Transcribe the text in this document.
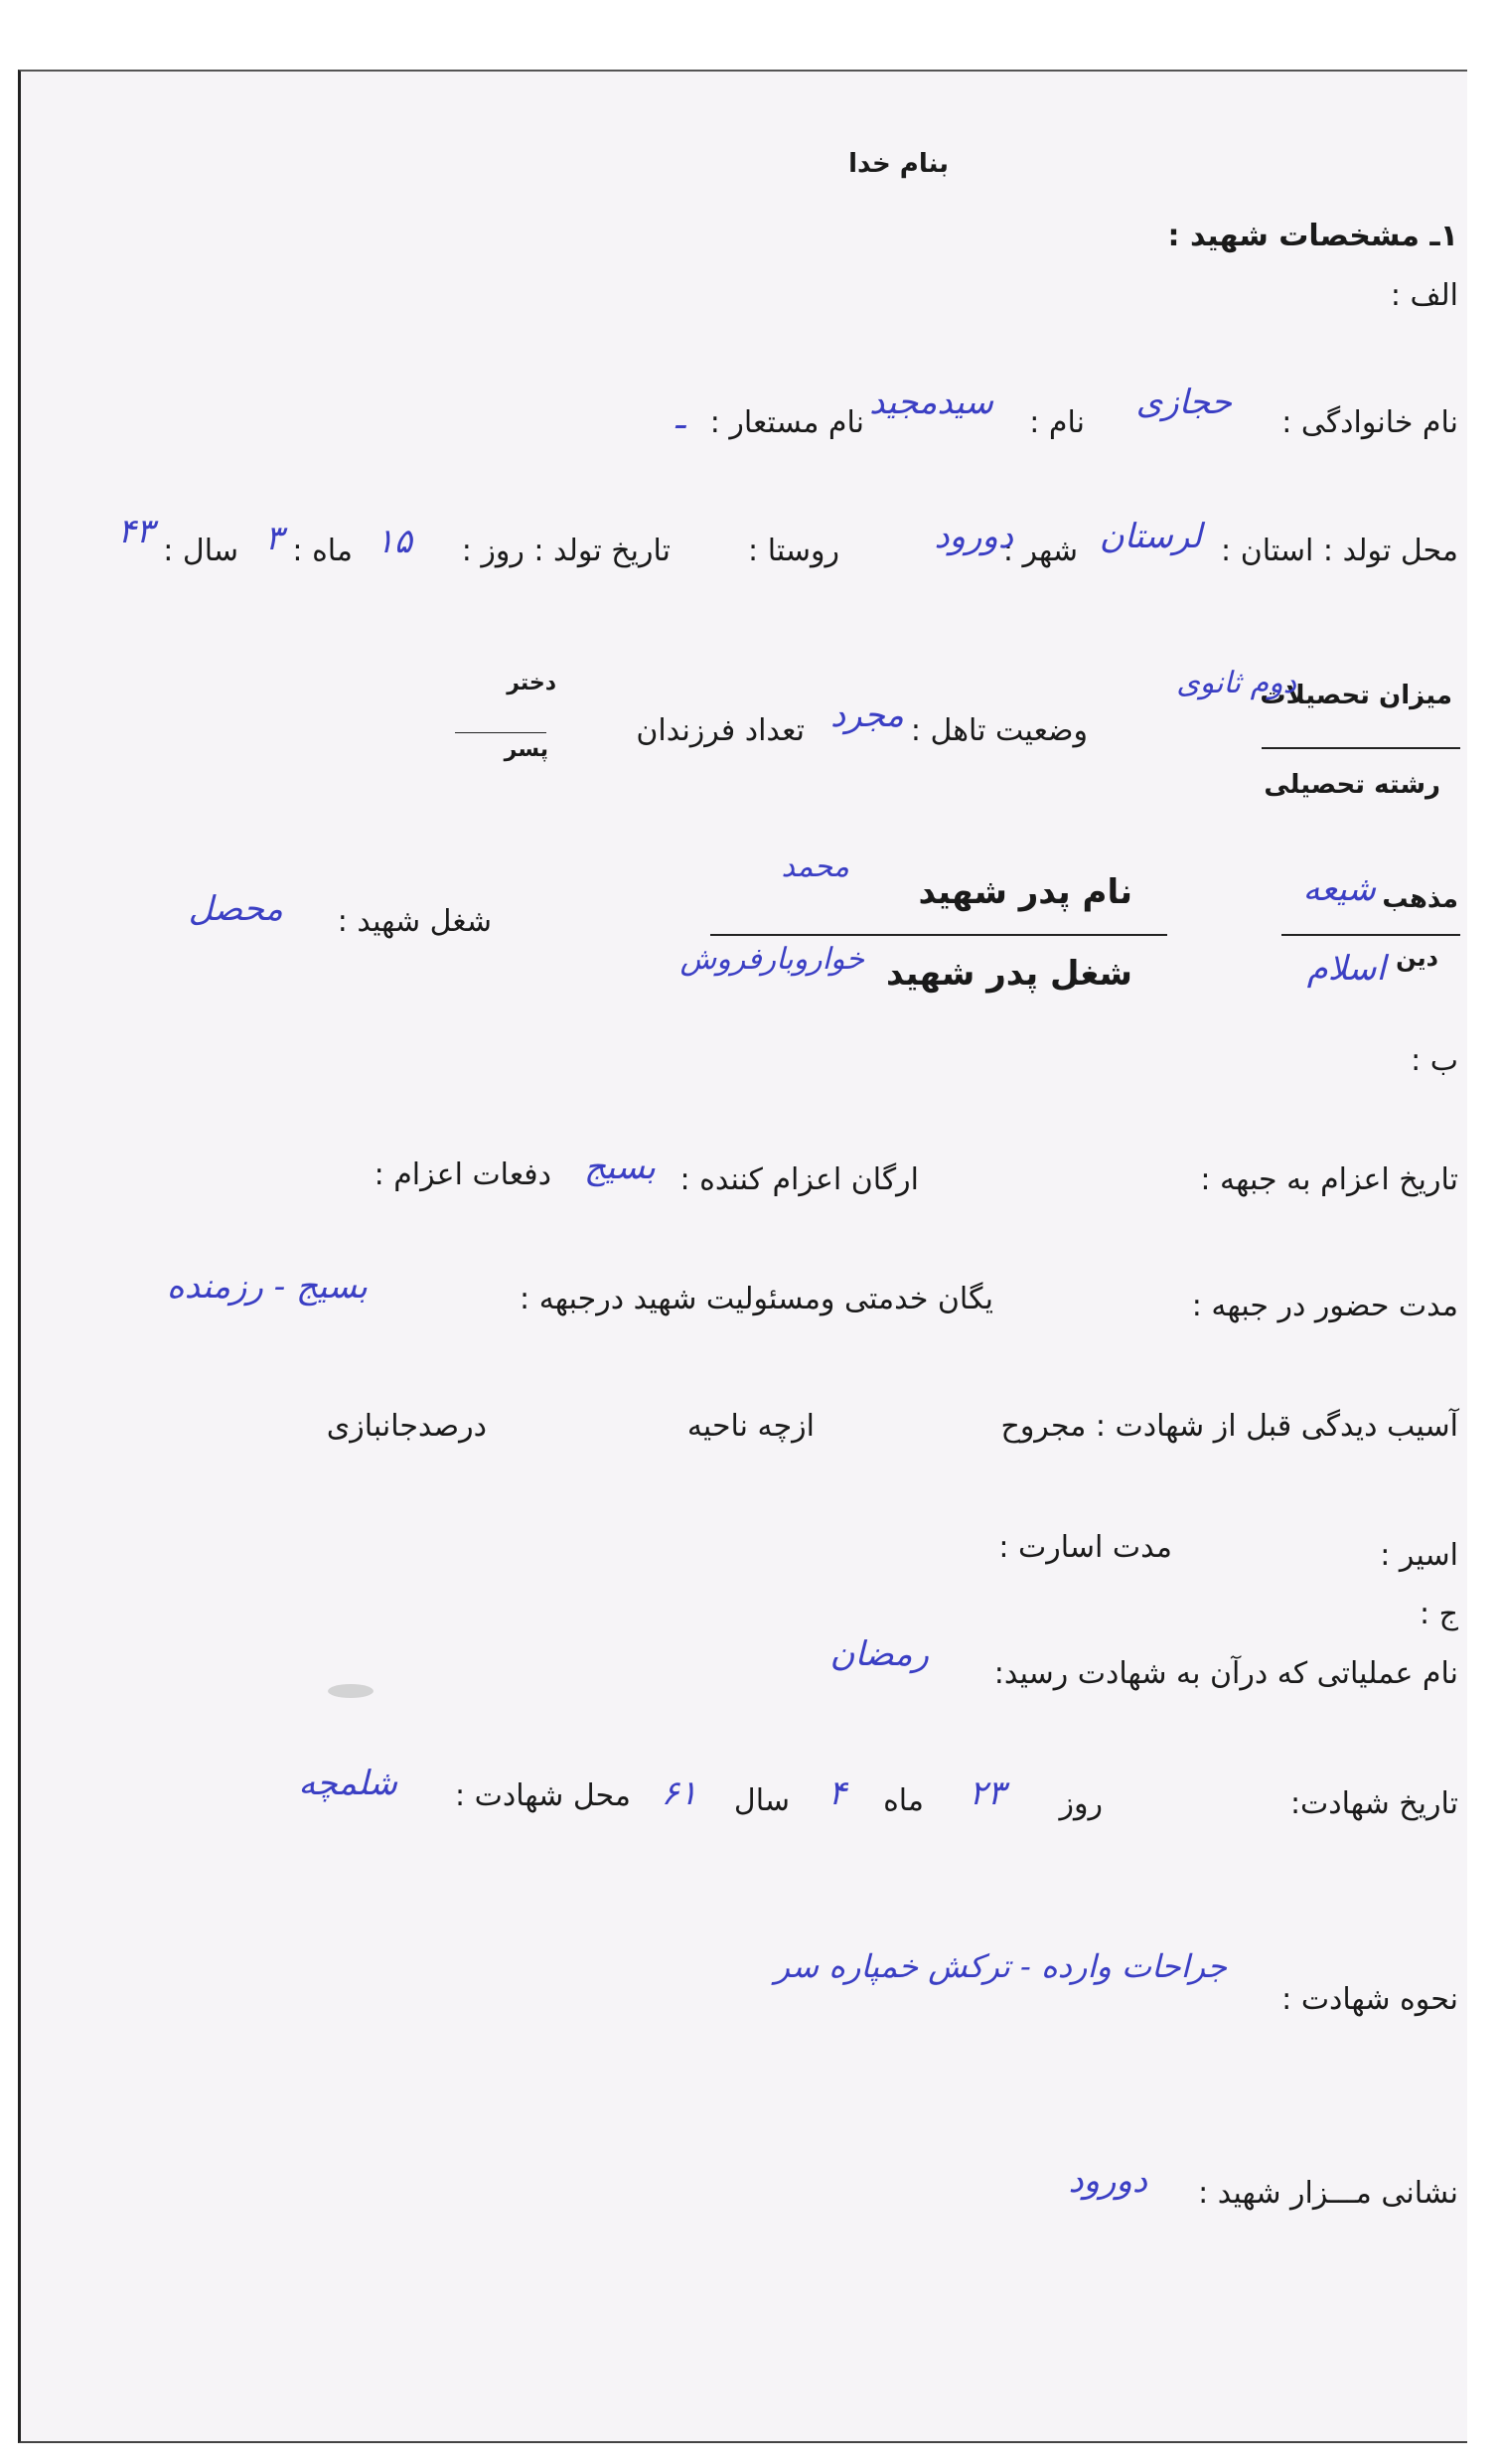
بنام خدا
۱ـ مشخصات شهید :
الف :
نام خانوادگی :
حجازی
نام :
سیدمجید
نام مستعار :
ـ
محل تولد : استان :
لرستان
شهر :
دورود
روستا :
تاریخ تولد : روز :
۱۵
ماه :
۳
سال :
۴۳
میزان تحصیلات
دوم ثانوی
رشته تحصیلی
وضعیت تاهل :
مجرد
تعداد فرزندان
دختر
پسر
مذهب
شیعه
دین
اسلام
نام پدر شهید
محمد
شغل پدر شهید
خواروبارفروش
شغل شهید :
محصل
ب :
تاریخ اعزام به جبهه :
ارگان اعزام کننده :
بسیج
دفعات اعزام :
مدت حضور در جبهه :
یگان خدمتی ومسئولیت شهید درجبهه :
بسیج - رزمنده
آسیب دیدگی قبل از شهادت : مجروح
ازچه ناحیه
درصدجانبازی
اسیر :
مدت اسارت :
ج :
نام عملیاتی که درآن به شهادت رسید:
رمضان
تاریخ شهادت:
روز
۲۳
ماه
۴
سال
۶۱
محل شهادت :
شلمچه
نحوه شهادت :
جراحات وارده - ترکش خمپاره سر
نشانی مـــزار شهید :
دورود
